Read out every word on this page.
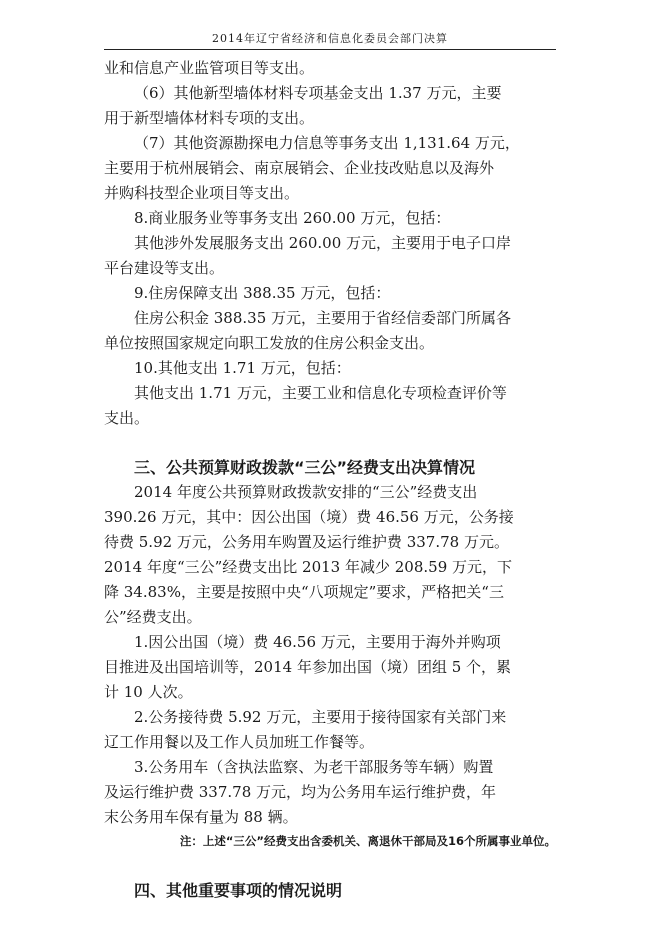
2014年辽宁省经济和信息化委员会部门决算

业和信息产业监管项目等支出。

（6）其他新型墙体材料专项基金支出 1.37 万元，主要

用于新型墙体材料专项的支出。

（7）其他资源勘探电力信息等事务支出 1,131.64 万元，

主要用于杭州展销会、南京展销会、企业技改贴息以及海外

并购科技型企业项目等支出。

8.商业服务业等事务支出 260.00 万元，包括：

其他涉外发展服务支出 260.00 万元，主要用于电子口岸

平台建设等支出。

9.住房保障支出 388.35 万元，包括：

住房公积金 388.35 万元，主要用于省经信委部门所属各

单位按照国家规定向职工发放的住房公积金支出。

10.其他支出 1.71 万元，包括：

其他支出 1.71 万元，主要工业和信息化专项检查评价等

支出。

三、公共预算财政拨款“三公”经费支出决算情况

2014 年度公共预算财政拨款安排的“三公”经费支出

390.26 万元，其中：因公出国（境）费 46.56 万元，公务接

待费 5.92 万元，公务用车购置及运行维护费 337.78 万元。

2014 年度“三公”经费支出比 2013 年减少 208.59 万元，下

降 34.83%，主要是按照中央“八项规定”要求，严格把关“三

公”经费支出。

1.因公出国（境）费 46.56 万元，主要用于海外并购项

目推进及出国培训等，2014 年参加出国（境）团组 5 个，累

计 10 人次。

2.公务接待费 5.92 万元，主要用于接待国家有关部门来

辽工作用餐以及工作人员加班工作餐等。

3.公务用车（含执法监察、为老干部服务等车辆）购置

及运行维护费 337.78 万元，均为公务用车运行维护费，年

末公务用车保有量为 88 辆。

注：上述“三公”经费支出含委机关、离退休干部局及16个所属事业单位。

四、其他重要事项的情况说明
